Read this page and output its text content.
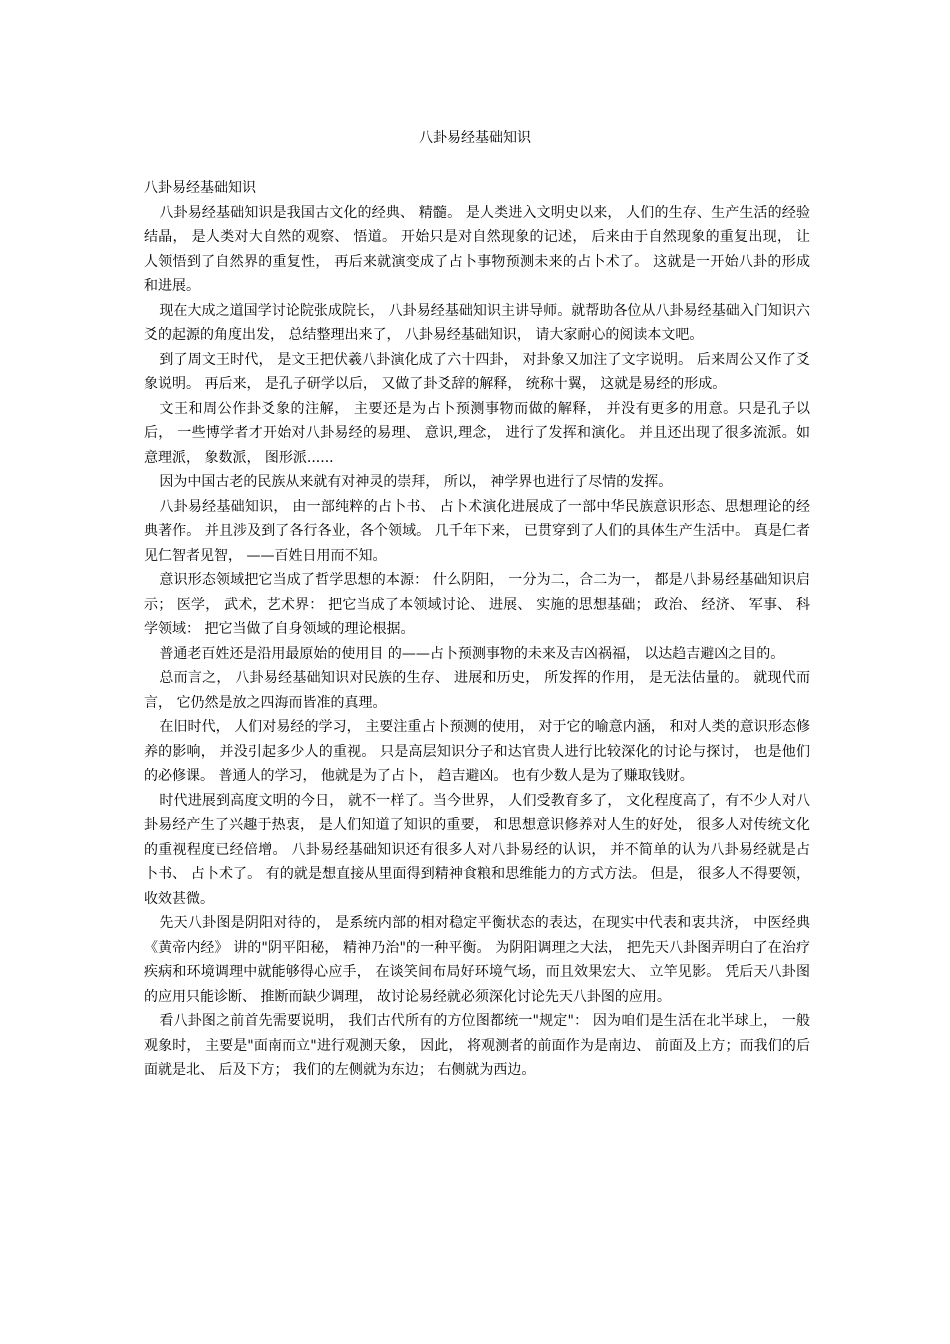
八卦易经基础知识

八卦易经基础知识

八卦易经基础知识是我国古文化的经典、 精髓。 是人类进入文明史以来， 人们的生存、生产生活的经验结晶， 是人类对大自然的观察、 悟道。 开始只是对自然现象的记述， 后来由于自然现象的重复出现， 让人领悟到了自然界的重复性， 再后来就演变成了占卜事物预测未来的占卜术了。 这就是一开始八卦的形成和进展。

现在大成之道国学讨论院张成院长， 八卦易经基础知识主讲导师。就帮助各位从八卦易经基础入门知识六爻的起源的角度出发， 总结整理出来了， 八卦易经基础知识， 请大家耐心的阅读本文吧。

到了周文王时代， 是文王把伏羲八卦演化成了六十四卦， 对卦象又加注了文字说明。 后来周公又作了爻象说明。 再后来， 是孔子研学以后， 又做了卦爻辞的解释， 统称十翼， 这就是易经的形成。

文王和周公作卦爻象的注解， 主要还是为占卜预测事物而做的解释， 并没有更多的用意。只是孔子以后， 一些博学者才开始对八卦易经的易理、 意识,理念， 进行了发挥和演化。 并且还出现了很多流派。如意理派， 象数派， 图形派......

因为中国古老的民族从来就有对神灵的崇拜， 所以， 神学界也进行了尽情的发挥。

八卦易经基础知识， 由一部纯粹的占卜书、 占卜术演化进展成了一部中华民族意识形态、思想理论的经典著作。 并且涉及到了各行各业，各个领域。 几千年下来， 已贯穿到了人们的具体生产生活中。 真是仁者见仁智者见智， ——百姓日用而不知。

意识形态领域把它当成了哲学思想的本源： 什么阴阳， 一分为二，合二为一， 都是八卦易经基础知识启示； 医学， 武术，艺术界： 把它当成了本领域讨论、 进展、 实施的思想基础； 政治、 经济、 军事、 科学领域： 把它当做了自身领域的理论根据。

普通老百姓还是沿用最原始的使用目 的——占卜预测事物的未来及吉凶祸福， 以达趋吉避凶之目的。

总而言之， 八卦易经基础知识对民族的生存、 进展和历史， 所发挥的作用， 是无法估量的。 就现代而言， 它仍然是放之四海而皆准的真理。

在旧时代， 人们对易经的学习， 主要注重占卜预测的使用， 对于它的喻意内涵， 和对人类的意识形态修养的影响， 并没引起多少人的重视。 只是高层知识分子和达官贵人进行比较深化的讨论与探讨， 也是他们的必修课。 普通人的学习， 他就是为了占卜， 趋吉避凶。 也有少数人是为了赚取钱财。

时代进展到高度文明的今日， 就不一样了。当今世界， 人们受教育多了， 文化程度高了，有不少人对八卦易经产生了兴趣于热衷， 是人们知道了知识的重要， 和思想意识修养对人生的好处， 很多人对传统文化的重视程度已经倍增。 八卦易经基础知识还有很多人对八卦易经的认识， 并不简单的认为八卦易经就是占卜书、 占卜术了。 有的就是想直接从里面得到精神食粮和思维能力的方式方法。 但是， 很多人不得要领， 收效甚微。

先天八卦图是阴阳对待的， 是系统内部的相对稳定平衡状态的表达，在现实中代表和衷共济， 中医经典《黄帝内经》 讲的"阴平阳秘， 精神乃治"的一种平衡。 为阴阳调理之大法， 把先天八卦图弄明白了在治疗疾病和环境调理中就能够得心应手， 在谈笑间布局好环境气场，而且效果宏大、 立竿见影。 凭后天八卦图的应用只能诊断、 推断而缺少调理， 故讨论易经就必须深化讨论先天八卦图的应用。

看八卦图之前首先需要说明， 我们古代所有的方位图都统一"规定"： 因为咱们是生活在北半球上， 一般观象时， 主要是"面南而立"进行观测天象， 因此， 将观测者的前面作为是南边、 前面及上方；而我们的后面就是北、 后及下方； 我们的左侧就为东边； 右侧就为西边。
